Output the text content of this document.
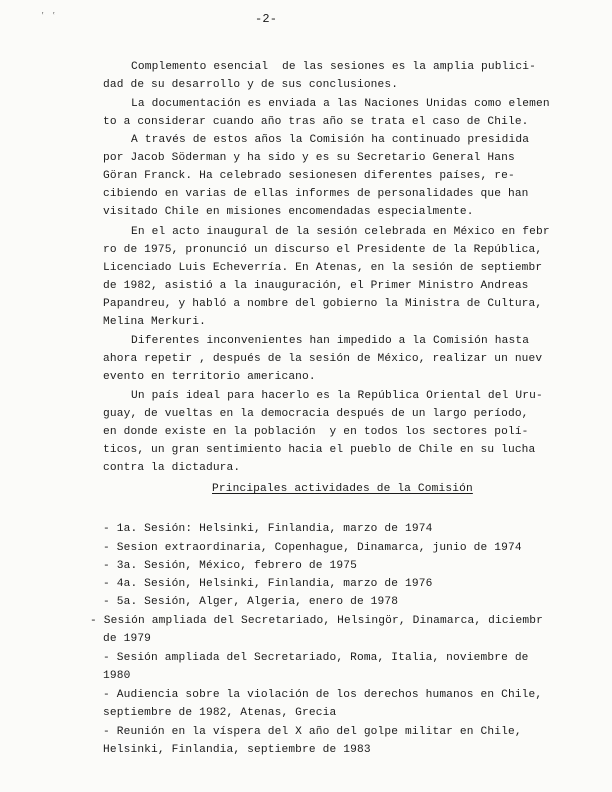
ʽ ʽ	-2-
Complemento esencial  de las sesiones es la amplia publici-
dad de su desarrollo y de sus conclusiones.
La documentación es enviada a las Naciones Unidas como elemen
to a considerar cuando año tras año se trata el caso de Chile.
A través de estos años la Comisión ha continuado presidida
por Jacob Söderman y ha sido y es su Secretario General Hans
Göran Franck. Ha celebrado sesionesen diferentes países, re-
cibiendo en varias de ellas informes de personalidades que han
visitado Chile en misiones encomendadas especialmente.
En el acto inaugural de la sesión celebrada en México en febr
ro de 1975, pronunció un discurso el Presidente de la República,
Licenciado Luis Echeverría. En Atenas, en la sesión de septiembr
de 1982, asistió a la inauguración, el Primer Ministro Andreas
Papandreu, y habló a nombre del gobierno la Ministra de Cultura,
Melina Merkuri.
Diferentes inconvenientes han impedido a la Comisión hasta
ahora repetir , después de la sesión de México, realizar un nuev
evento en territorio americano.
Un país ideal para hacerlo es la República Oriental del Uru-
guay, de vueltas en la democracia después de un largo período,
en donde existe en la población  y en todos los sectores polí-
ticos, un gran sentimiento hacia el pueblo de Chile en su lucha
contra la dictadura.
Principales actividades de la Comisión
- 1a. Sesión: Helsinki, Finlandia, marzo de 1974
- Sesion extraordinaria, Copenhague, Dinamarca, junio de 1974
- 3a. Sesión, México, febrero de 1975
- 4a. Sesión, Helsinki, Finlandia, marzo de 1976
- 5a. Sesión, Alger, Algeria, enero de 1978
- Sesión ampliada del Secretariado, Helsingör, Dinamarca, diciembr
de 1979
- Sesión ampliada del Secretariado, Roma, Italia, noviembre de
1980
- Audiencia sobre la violación de los derechos humanos en Chile,
septiembre de 1982, Atenas, Grecia
- Reunión en la víspera del X año del golpe militar en Chile,
Helsinki, Finlandia, septiembre de 1983
